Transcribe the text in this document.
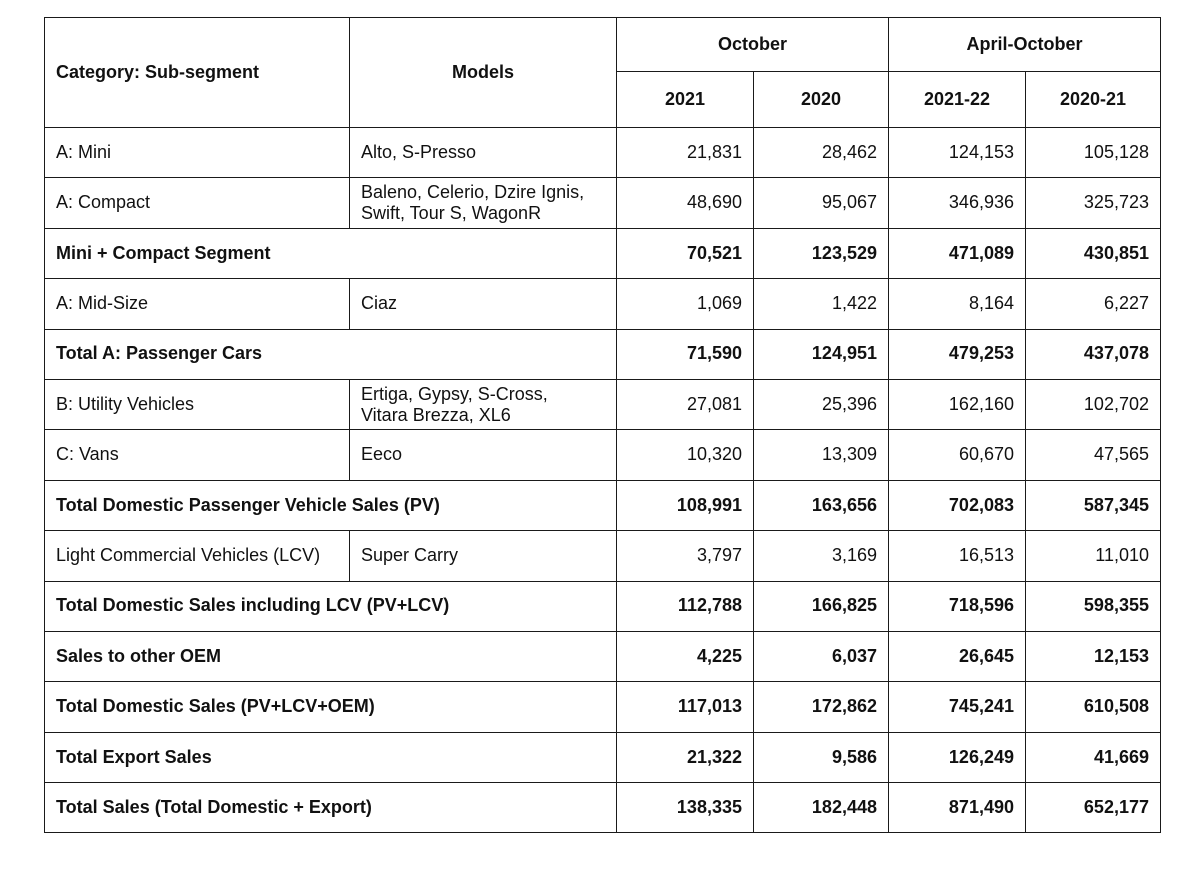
Category: Sub-segment	Models	October		April-October	
		2021	2020	2021-22	2020-21
A: Mini	Alto, S-Presso	21,831	28,462	124,153	105,128
A: Compact	Baleno, Celerio, Dzire Ignis, Swift, Tour S, WagonR	48,690	95,067	346,936	325,723
Mini + Compact Segment		70,521	123,529	471,089	430,851
A: Mid-Size	Ciaz	1,069	1,422	8,164	6,227
Total A: Passenger Cars		71,590	124,951	479,253	437,078
B: Utility Vehicles	Ertiga, Gypsy, S-Cross, Vitara Brezza, XL6	27,081	25,396	162,160	102,702
C: Vans	Eeco	10,320	13,309	60,670	47,565
Total Domestic Passenger Vehicle Sales (PV)		108,991	163,656	702,083	587,345
Light Commercial Vehicles (LCV)	Super Carry	3,797	3,169	16,513	11,010
Total Domestic Sales including LCV (PV+LCV)		112,788	166,825	718,596	598,355
Sales to other OEM		4,225	6,037	26,645	12,153
Total Domestic Sales (PV+LCV+OEM)		117,013	172,862	745,241	610,508
Total Export Sales		21,322	9,586	126,249	41,669
Total Sales (Total Domestic + Export)		138,335	182,448	871,490	652,177
